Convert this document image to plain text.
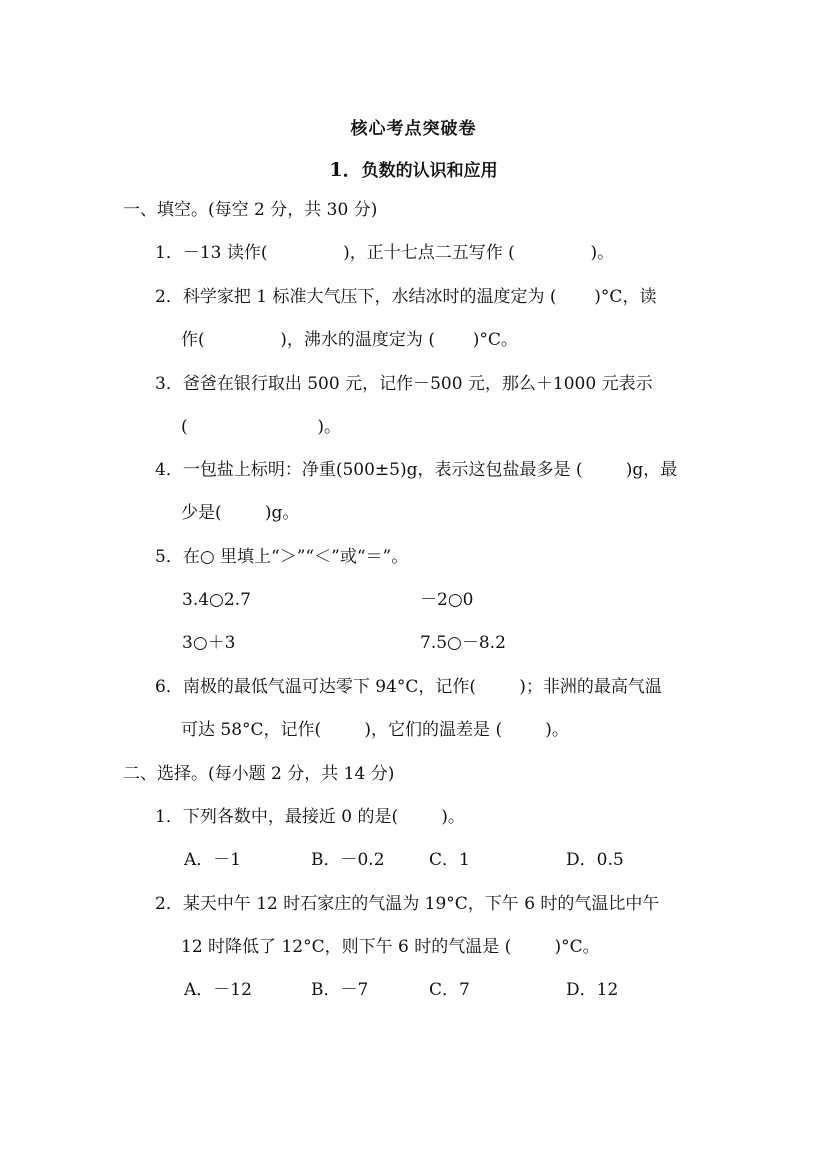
核心考点突破卷
1．负数的认识和应用
一、填空。(每空 2 分，共 30 分)
1．－13 读作(              )，正十七点二五写作 (              )。
2．科学家把 1 标准大气压下，水结冰时的温度定为 (       )°C，读
作(              )，沸水的温度定为 (       )°C。
3．爸爸在银行取出 500 元，记作－500 元，那么＋1000 元表示
(                        )。
4．一包盐上标明：净重(500±5)g，表示这包盐最多是 (        )g，最
少是(        )g。
5．在○ 里填上“＞”“＜”或“＝”。
3.4○2.7	－2○0
3○＋3	7.5○－8.2
6．南极的最低气温可达零下 94°C，记作(        )；非洲的最高气温
可达 58°C，记作(        )，它们的温差是 (        )。
二、选择。(每小题 2 分，共 14 分)
1．下列各数中，最接近 0 的是(        )。
A．－1	B．－0.2	C．1	D．0.5
2．某天中午 12 时石家庄的气温为 19°C，下午 6 时的气温比中午
12 时降低了 12°C，则下午 6 时的气温是 (        )°C。
A．－12	B．－7	C．7	D．12
